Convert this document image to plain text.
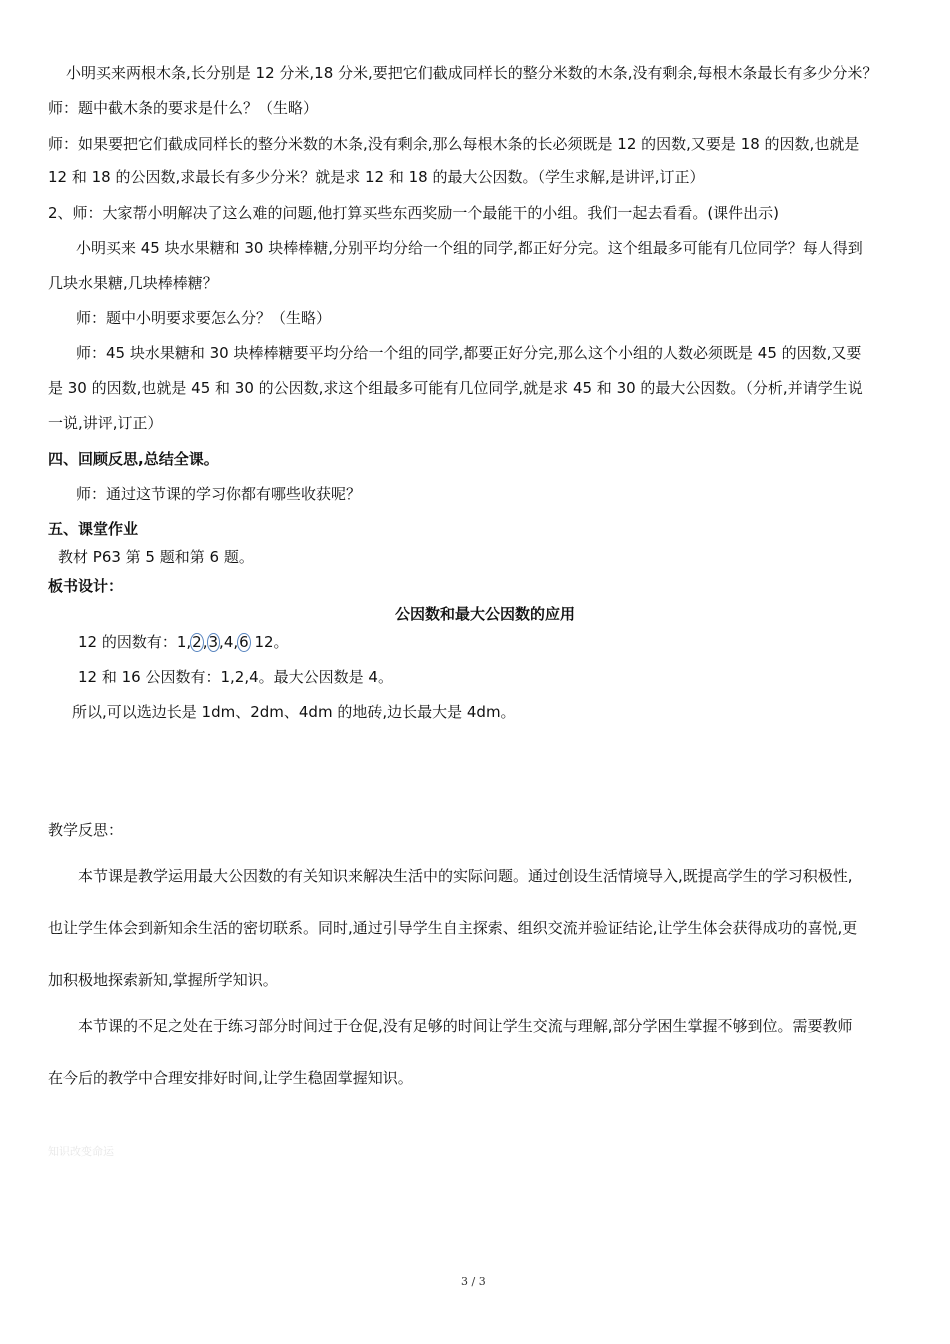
小明买来两根木条,长分别是 12 分米,18 分米,要把它们截成同样长的整分米数的木条,没有剩余,每根木条最长有多少分米？
师：题中截木条的要求是什么？（生略）
师：如果要把它们截成同样长的整分米数的木条,没有剩余,那么每根木条的长必须既是 12 的因数,又要是 18 的因数,也就是
12 和 18 的公因数,求最长有多少分米？就是求 12 和 18 的最大公因数。（学生求解,是讲评,订正）
2、师：大家帮小明解决了这么难的问题,他打算买些东西奖励一个最能干的小组。我们一起去看看。(课件出示)
小明买来 45 块水果糖和 30 块棒棒糖,分别平均分给一个组的同学,都正好分完。这个组最多可能有几位同学？每人得到
几块水果糖,几块棒棒糖？
师：题中小明要求要怎么分？（生略）
师：45 块水果糖和 30 块棒棒糖要平均分给一个组的同学,都要正好分完,那么这个小组的人数必须既是 45 的因数,又要
是 30 的因数,也就是 45 和 30 的公因数,求这个组最多可能有几位同学,就是求 45 和 30 的最大公因数。（分析,并请学生说
一说,讲评,订正）
四、回顾反思,总结全课。
师：通过这节课的学习你都有哪些收获呢？
五、课堂作业
教材 P63 第 5 题和第 6 题。
板书设计：
公因数和最大公因数的应用
12 的因数有：1,2,3,4,6 12。
12 和 16 公因数有：1,2,4。最大公因数是 4。
所以,可以选边长是 1dm、2dm、4dm 的地砖,边长最大是 4dm。
教学反思：
本节课是教学运用最大公因数的有关知识来解决生活中的实际问题。通过创设生活情境导入,既提高学生的学习积极性,
也让学生体会到新知余生活的密切联系。同时,通过引导学生自主探索、组织交流并验证结论,让学生体会获得成功的喜悦,更
加积极地探索新知,掌握所学知识。
本节课的不足之处在于练习部分时间过于仓促,没有足够的时间让学生交流与理解,部分学困生掌握不够到位。需要教师
在今后的教学中合理安排好时间,让学生稳固掌握知识。
知识改变命运
3 / 3
